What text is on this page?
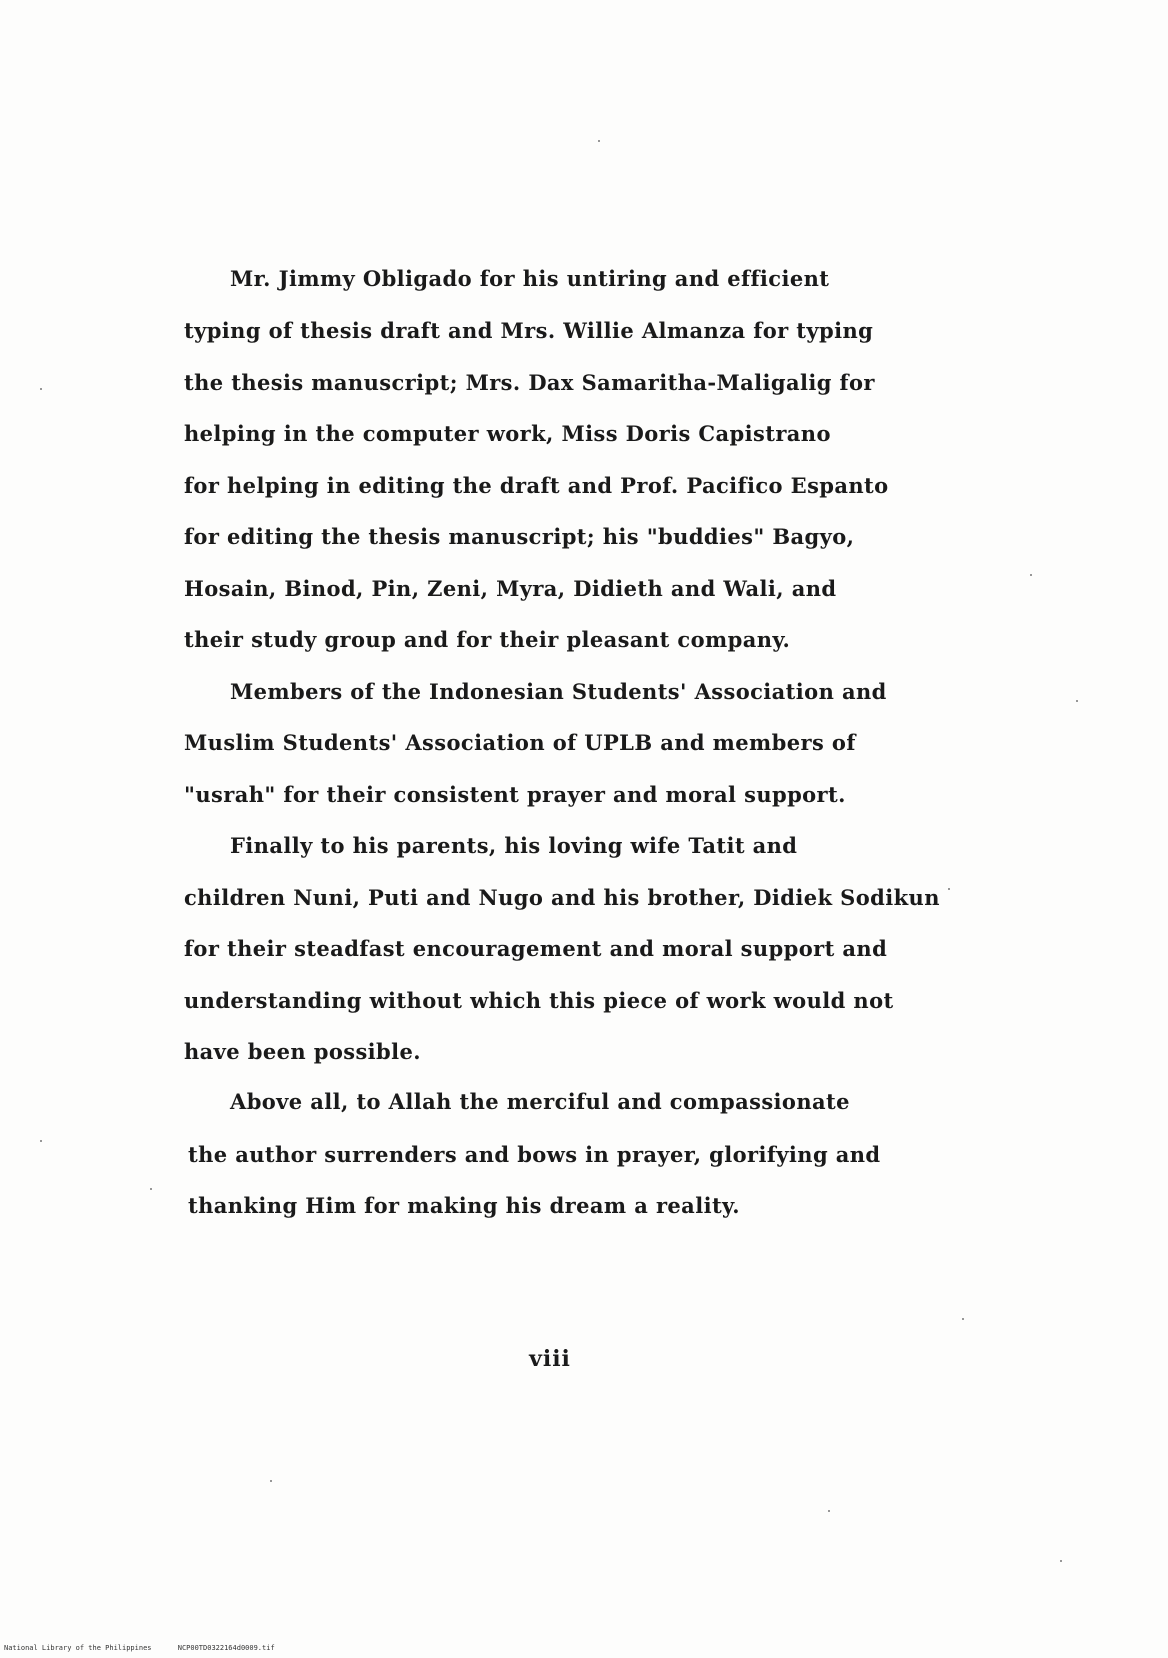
Mr. Jimmy Obligado for his untiring and efficient
typing of thesis draft and Mrs. Willie Almanza for typing
the thesis manuscript; Mrs. Dax Samaritha-Maligalig for
helping in the computer work, Miss Doris Capistrano
for helping in editing the draft and Prof. Pacifico Espanto
for editing the thesis manuscript; his "buddies" Bagyo,
Hosain, Binod, Pin, Zeni, Myra, Didieth and Wali, and
their study group and for their pleasant company.
Members of the Indonesian Students' Association and
Muslim Students' Association of UPLB and members of
"usrah" for their consistent prayer and moral support.
Finally to his parents, his loving wife Tatit and
children Nuni, Puti and Nugo and his brother, Didiek Sodikun
for their steadfast encouragement and moral support and
understanding without which this piece of work would not
have been possible.
Above all, to Allah the merciful and compassionate
the author surrenders and bows in prayer, glorifying and
thanking Him for making his dream a reality.
viii
National Library of the Philippines	NCP00TD0322164d0009.tif
